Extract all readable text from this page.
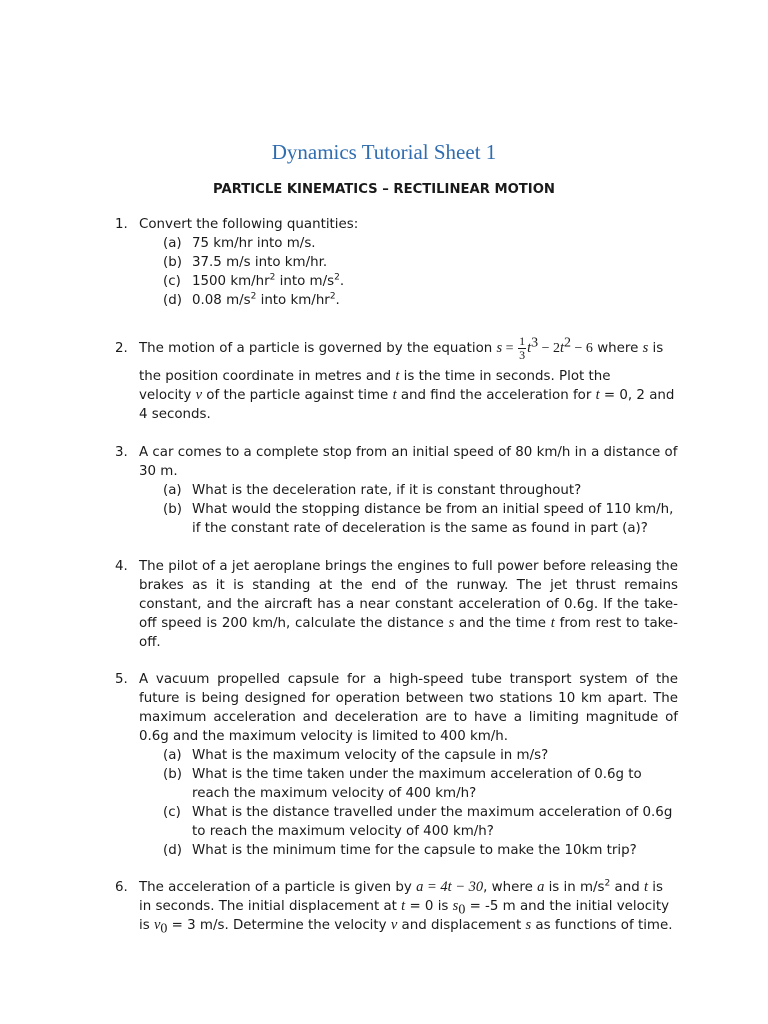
Dynamics Tutorial Sheet 1
PARTICLE KINEMATICS – RECTILINEAR MOTION
1. Convert the following quantities:
(a) 75 km/hr into m/s.
(b) 37.5 m/s into km/hr.
(c) 1500 $km/hr^2$ into $m/s^2$.
(d) 0.08 $m/s^2$ into $km/hr^2$.
2. The motion of a particle is governed by the equation $s = \frac{1}{3} t^3 - 2t^2 - 6$ where s is
the position coordinate in metres and t is the time in seconds. Plot the
velocity v of the particle against time t and find the acceleration for t = 0, 2 and
4 seconds.
3. A car comes to a complete stop from an initial speed of 80 km/h in a distance of 30 m.
(a) What is the deceleration rate, if it is constant throughout?
(b) What would the stopping distance be from an initial speed of 110 km/h, if the constant rate of deceleration is the same as found in part (a)?
4. The pilot of a jet aeroplane brings the engines to full power before releasing the brakes as it is standing at the end of the runway. The jet thrust remains constant, and the aircraft has a near constant acceleration of 0.6g. If the take-off speed is 200 km/h, calculate the distance s and the time t from rest to take-off.
5. A vacuum propelled capsule for a high-speed tube transport system of the future is being designed for operation between two stations 10 km apart. The maximum acceleration and deceleration are to have a limiting magnitude of 0.6g and the maximum velocity is limited to 400 km/h.
(a) What is the maximum velocity of the capsule in m/s?
(b) What is the time taken under the maximum acceleration of 0.6g to reach the maximum velocity of 400 km/h?
(c) What is the distance travelled under the maximum acceleration of 0.6g to reach the maximum velocity of 400 km/h?
(d) What is the minimum time for the capsule to make the 10km trip?
6. The acceleration of a particle is given by a = 4t − 30, where a is in $m/s^2$ and t is in seconds. The initial displacement at t = 0 is $s_0 = -5$ m and the initial velocity is $v_0 = 3$ m/s. Determine the velocity v and displacement s as functions of time.
